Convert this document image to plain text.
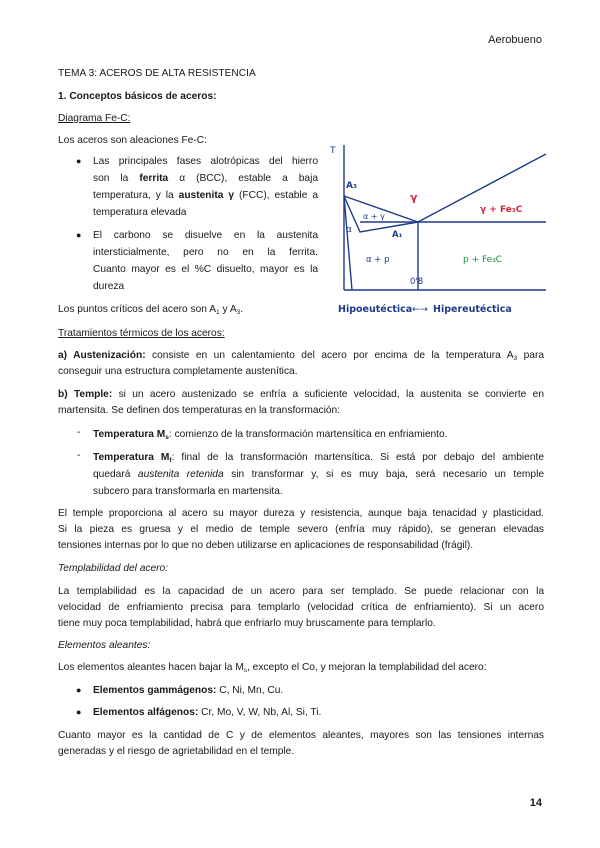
Aerobueno
TEMA 3: ACEROS DE ALTA RESISTENCIA
1. Conceptos básicos de aceros:
Diagrama Fe-C:
Los aceros son aleaciones Fe-C:
● Las principales fases alotrópicas del hierro
son la ferrita α (BCC), estable a baja
temperatura, y la austenita γ (FCC), estable a
temperatura elevada
● El carbono se disuelve en la austenita
intersticialmente, pero no en la ferrita.
Cuanto mayor es el %C disuelto, mayor es la
dureza
Los puntos críticos del acero son $A_1$ y $A_3$.
T
A₃
γ
α + γ
γ + Fe₃C
α	A₁
α + p	p + Fe₃C
0'8
Hipoeutéctica ←→ Hipereutéctica
Tratamientos térmicos de los aceros:
a) Austenización: consiste en un calentamiento del acero por encima de la temperatura $A_3$ para
conseguir una estructura completamente austenítica.
b) Temple: si un acero austenizado se enfría a suficiente velocidad, la austenita se convierte en
martensita. Se definen dos temperaturas en la transformación:
- Temperatura $M_s$: comienzo de la transformación martensítica en enfriamiento.
- Temperatura $M_f$: final de la transformación martensítica. Si está por debajo del ambiente
quedará austenita retenida sin transformar y, si es muy baja, será necesario un temple
subcero para transformarla en martensita.
El temple proporciona al acero su mayor dureza y resistencia, aunque baja tenacidad y plasticidad.
Si la pieza es gruesa y el medio de temple severo (enfría muy rápido), se generan elevadas
tensiones internas por lo que no deben utilizarse en aplicaciones de responsabilidad (frágil).
Templabilidad del acero:
La templabilidad es la capacidad de un acero para ser templado. Se puede relacionar con la
velocidad de enfriamiento precisa para templarlo (velocidad crítica de enfriamiento). Si un acero
tiene muy poca templabilidad, habrá que enfriarlo muy bruscamente para templarlo.
Elementos aleantes:
Los elementos aleantes hacen bajar la $M_s$, excepto el Co, y mejoran la templabilidad del acero:
● Elementos gammágenos: C, Ni, Mn, Cu.
● Elementos alfágenos: Cr, Mo, V, W, Nb, Al, Si, Ti.
Cuanto mayor es la cantidad de C y de elementos aleantes, mayores son las tensiones internas
generadas y el riesgo de agrietabilidad en el temple.
14
